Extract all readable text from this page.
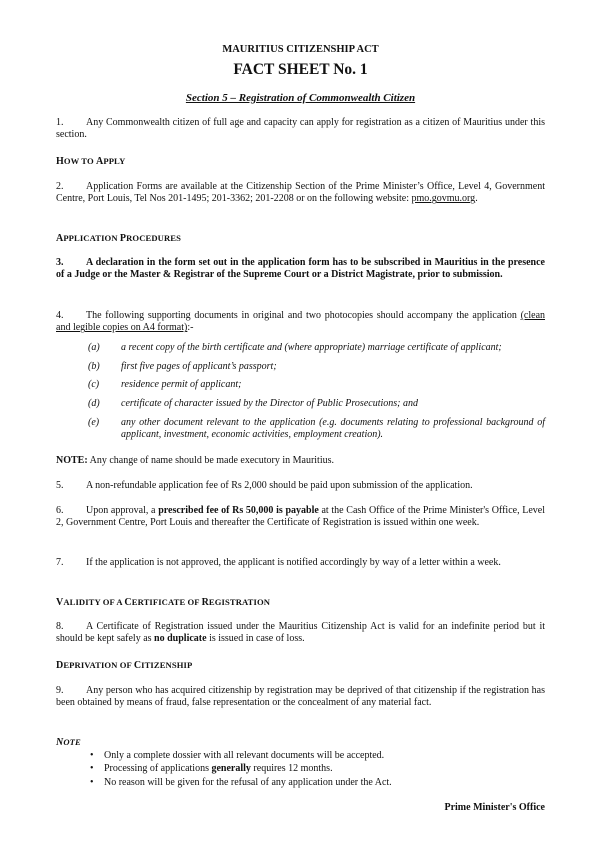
MAURITIUS CITIZENSHIP ACT
FACT SHEET No. 1
Section 5 – Registration of Commonwealth Citizen
1. Any Commonwealth citizen of full age and capacity can apply for registration as a citizen of Mauritius under this section.
HOW TO APPLY
2. Application Forms are available at the Citizenship Section of the Prime Minister’s Office, Level 4, Government Centre, Port Louis, Tel Nos 201-1495; 201-3362; 201-2208 or on the following website: pmo.govmu.org.
APPLICATION PROCEDURES
3. A declaration in the form set out in the application form has to be subscribed in Mauritius in the presence of a Judge or the Master & Registrar of the Supreme Court or a District Magistrate, prior to submission.
4. The following supporting documents in original and two photocopies should accompany the application (clean and legible copies on A4 format):-
(a) a recent copy of the birth certificate and (where appropriate) marriage certificate of applicant;
(b) first five pages of applicant’s passport;
(c) residence permit of applicant;
(d) certificate of character issued by the Director of Public Prosecutions; and
(e) any other document relevant to the application (e.g. documents relating to professional background of applicant, investment, economic activities, employment creation).
NOTE: Any change of name should be made executory in Mauritius.
5. A non-refundable application fee of Rs 2,000 should be paid upon submission of the application.
6. Upon approval, a prescribed fee of Rs 50,000 is payable at the Cash Office of the Prime Minister's Office, Level 2, Government Centre, Port Louis and thereafter the Certificate of Registration is issued within one week.
7. If the application is not approved, the applicant is notified accordingly by way of a letter within a week.
VALIDITY OF A CERTIFICATE OF REGISTRATION
8. A Certificate of Registration issued under the Mauritius Citizenship Act is valid for an indefinite period but it should be kept safely as no duplicate is issued in case of loss.
DEPRIVATION OF CITIZENSHIP
9. Any person who has acquired citizenship by registration may be deprived of that citizenship if the registration has been obtained by means of fraud, false representation or the concealment of any material fact.
NOTE
• Only a complete dossier with all relevant documents will be accepted.
• Processing of applications generally requires 12 months.
• No reason will be given for the refusal of any application under the Act.
Prime Minister's Office
